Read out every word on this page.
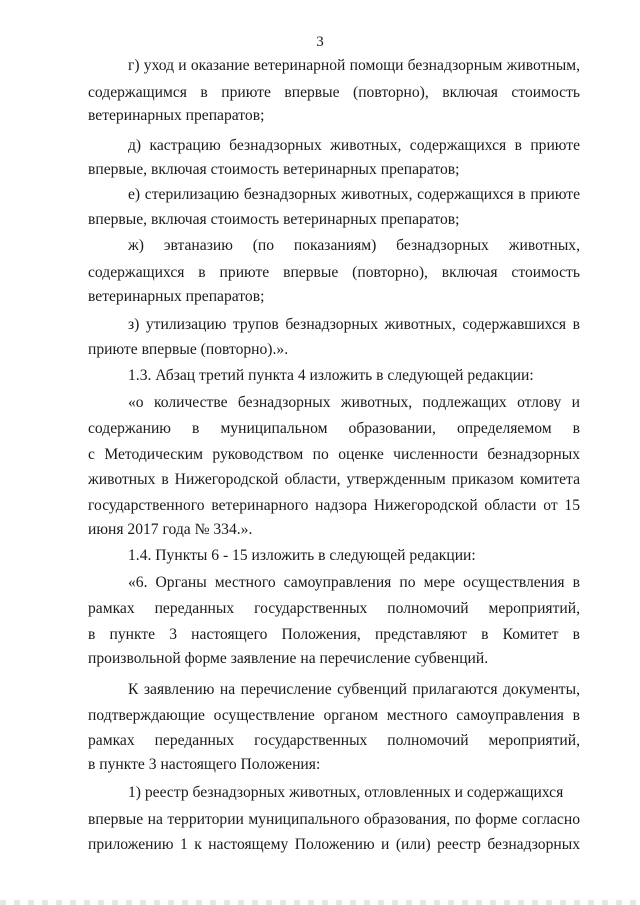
3
г) уход и оказание ветеринарной помощи безнадзорным животным,
содержащимся в приюте впервые (повторно), включая стоимость
ветеринарных препаратов;
д) кастрацию безнадзорных животных, содержащихся в приюте
впервые, включая стоимость ветеринарных препаратов;
е) стерилизацию безнадзорных животных, содержащихся в приюте
впервые, включая стоимость ветеринарных препаратов;
ж) эвтаназию (по показаниям) безнадзорных животных,
содержащихся в приюте впервые (повторно), включая стоимость
ветеринарных препаратов;
з) утилизацию трупов безнадзорных животных, содержавшихся в
приюте впервые (повторно).».
1.3. Абзац третий пункта 4 изложить в следующей редакции:
«о количестве безнадзорных животных, подлежащих отлову и
содержанию в муниципальном образовании, определяемом в
с Методическим руководством по оценке численности безнадзорных
животных в Нижегородской области, утвержденным приказом комитета
государственного ветеринарного надзора Нижегородской области от 15
июня 2017 года № 334.».
1.4. Пункты 6 - 15 изложить в следующей редакции:
«6. Органы местного самоуправления по мере осуществления в
рамках переданных государственных полномочий мероприятий,
в пункте 3 настоящего Положения, представляют в Комитет в
произвольной форме заявление на перечисление субвенций.
К заявлению на перечисление субвенций прилагаются документы,
подтверждающие осуществление органом местного самоуправления в
рамках переданных государственных полномочий мероприятий,
в пункте 3 настоящего Положения:
1) реестр безнадзорных животных, отловленных и содержащихся
впервые на территории муниципального образования, по форме согласно
приложению 1 к настоящему Положению и (или) реестр безнадзорных
